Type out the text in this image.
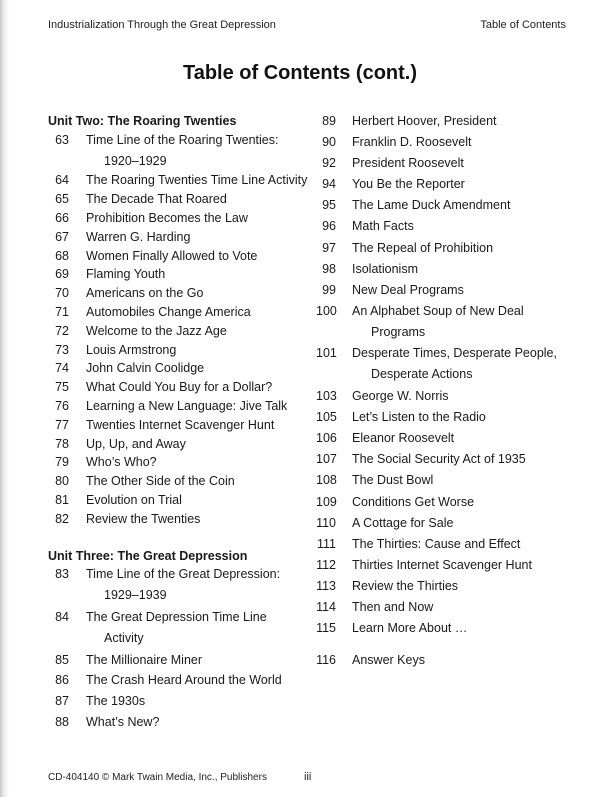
Industrialization Through the Great Depression	Table of Contents
Table of Contents (cont.)
Unit Two: The Roaring Twenties
63 Time Line of the Roaring Twenties:
1920–1929
64 The Roaring Twenties Time Line Activity
65 The Decade That Roared
66 Prohibition Becomes the Law
67 Warren G. Harding
68 Women Finally Allowed to Vote
69 Flaming Youth
70 Americans on the Go
71 Automobiles Change America
72 Welcome to the Jazz Age
73 Louis Armstrong
74 John Calvin Coolidge
75 What Could You Buy for a Dollar?
76 Learning a New Language: Jive Talk
77 Twenties Internet Scavenger Hunt
78 Up, Up, and Away
79 Who’s Who?
80 The Other Side of the Coin
81 Evolution on Trial
82 Review the Twenties
Unit Three: The Great Depression
83 Time Line of the Great Depression:
1929–1939
84 The Great Depression Time Line
Activity
85 The Millionaire Miner
86 The Crash Heard Around the World
87 The 1930s
88 What’s New?
89 Herbert Hoover, President
90 Franklin D. Roosevelt
92 President Roosevelt
94 You Be the Reporter
95 The Lame Duck Amendment
96 Math Facts
97 The Repeal of Prohibition
98 Isolationism
99 New Deal Programs
100 An Alphabet Soup of New Deal
Programs
101 Desperate Times, Desperate People,
Desperate Actions
103 George W. Norris
105 Let’s Listen to the Radio
106 Eleanor Roosevelt
107 The Social Security Act of 1935
108 The Dust Bowl
109 Conditions Get Worse
110 A Cottage for Sale
111 The Thirties: Cause and Effect
112 Thirties Internet Scavenger Hunt
113 Review the Thirties
114 Then and Now
115 Learn More About …
116 Answer Keys
CD-404140 © Mark Twain Media, Inc., Publishers	iii
